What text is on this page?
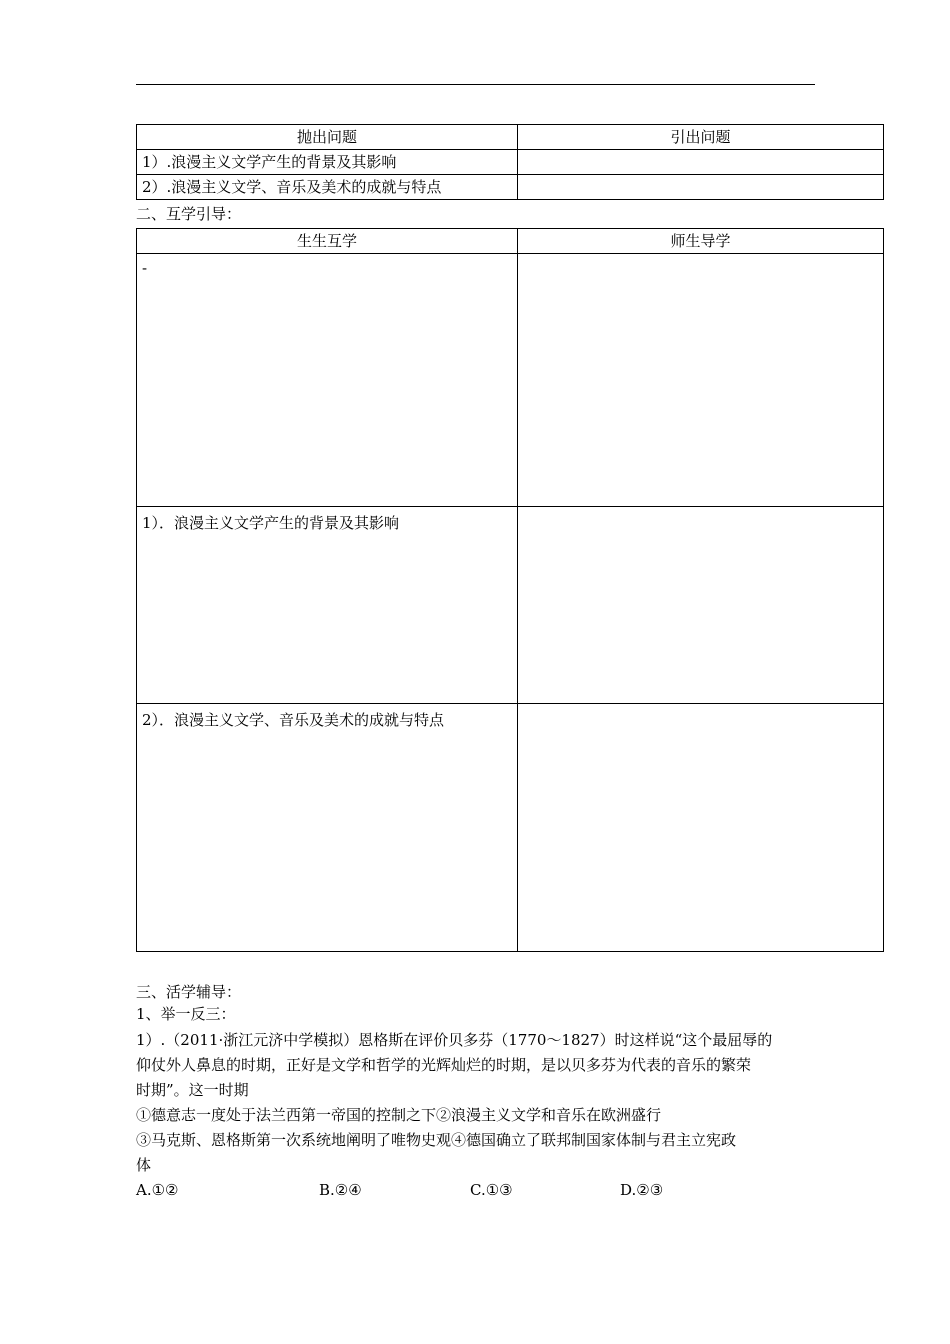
抛出问题	引出问题
1）.浪漫主义文学产生的背景及其影响	
2）.浪漫主义文学、音乐及美术的成就与特点	
二、互学引导：
生生互学	师生导学
-	
1）．浪漫主义文学产生的背景及其影响	
2）．浪漫主义文学、音乐及美术的成就与特点	
三、活学辅导：
1、举一反三：
1）.（2011·浙江元济中学模拟）恩格斯在评价贝多芬（1770～1827）时这样说“这个最屈辱的
仰仗外人鼻息的时期，正好是文学和哲学的光辉灿烂的时期，是以贝多芬为代表的音乐的繁荣
时期”。这一时期
①德意志一度处于法兰西第一帝国的控制之下②浪漫主义文学和音乐在欧洲盛行
③马克斯、恩格斯第一次系统地阐明了唯物史观④德国确立了联邦制国家体制与君主立宪政
体
A.①②	B.②④	C.①③	D.②③
